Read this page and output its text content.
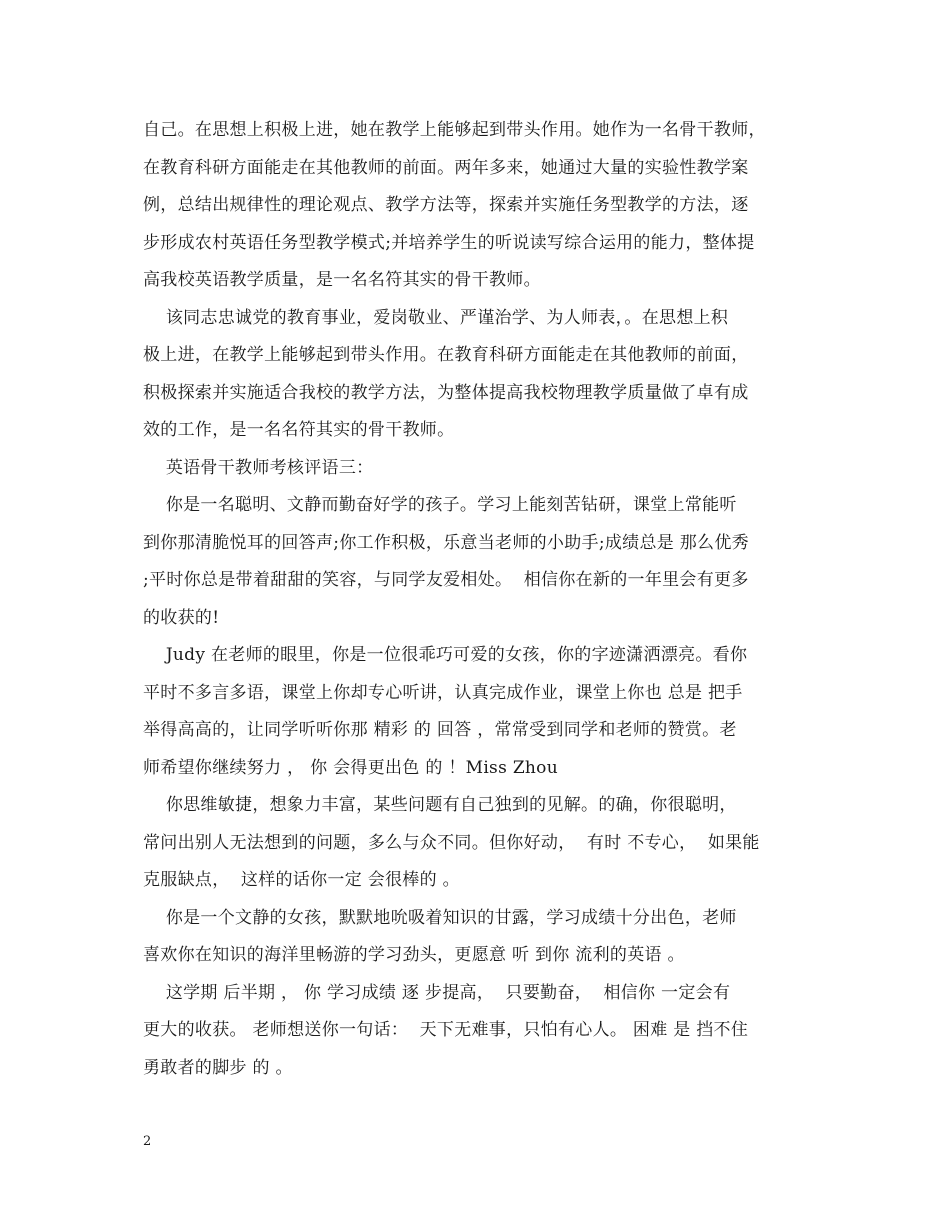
自己。在思想上积极上进，她在教学上能够起到带头作用。她作为一名骨干教师，
在教育科研方面能走在其他教师的前面。两年多来，她通过大量的实验性教学案
例，总结出规律性的理论观点、教学方法等，探索并实施任务型教学的方法，逐
步形成农村英语任务型教学模式;并培养学生的听说读写综合运用的能力，整体提
高我校英语教学质量，是一名名符其实的骨干教师。
该同志忠诚党的教育事业，爱岗敬业、严谨治学、为人师表，。在思想上积
极上进，在教学上能够起到带头作用。在教育科研方面能走在其他教师的前面，
积极探索并实施适合我校的教学方法，为整体提高我校物理教学质量做了卓有成
效的工作，是一名名符其实的骨干教师。
英语骨干教师考核评语三：
你是一名聪明、文静而勤奋好学的孩子。学习上能刻苦钻研，课堂上常能听
到你那清脆悦耳的回答声;你工作积极，乐意当老师的小助手;成绩总是 那么优秀
;平时你总是带着甜甜的笑容，与同学友爱相处。  相信你在新的一年里会有更多
的收获的!
Judy 在老师的眼里，你是一位很乖巧可爱的女孩，你的字迹潇洒漂亮。看你
平时不多言多语，课堂上你却专心听讲，认真完成作业，课堂上你也 总是 把手
举得高高的，让同学听听你那 精彩 的 回答 ，常常受到同学和老师的赞赏。老
师希望你继续努力 ， 你 会得更出色 的 ！Miss Zhou
你思维敏捷，想象力丰富，某些问题有自己独到的见解。的确，你很聪明，
常问出别人无法想到的问题，多么与众不同。但你好动，  有时 不专心，  如果能
克服缺点，  这样的话你一定 会很棒的 。
你是一个文静的女孩，默默地吮吸着知识的甘露，学习成绩十分出色，老师
喜欢你在知识的海洋里畅游的学习劲头，更愿意 听 到你 流利的英语 。
这学期 后半期 ， 你 学习成绩 逐 步提高，  只要勤奋，  相信你 一定会有
更大的收获。 老师想送你一句话：  天下无难事，只怕有心人。 困难 是 挡不住
勇敢者的脚步 的 。
2
